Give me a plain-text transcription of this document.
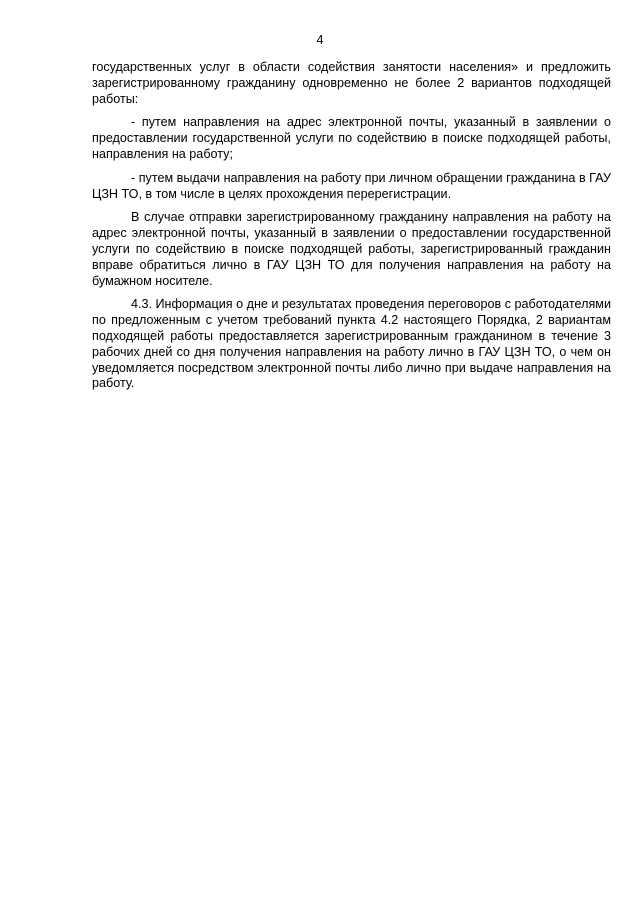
4

государственных услуг в области содействия занятости населения» и предложить зарегистрированному гражданину одновременно не более 2 вариантов подходящей работы:

- путем направления на адрес электронной почты, указанный в заявлении о предоставлении государственной услуги по содействию в поиске подходящей работы, направления на работу;

- путем выдачи направления на работу при личном обращении гражданина в ГАУ ЦЗН ТО, в том числе в целях прохождения перерегистрации.

В случае отправки зарегистрированному гражданину направления на работу на адрес электронной почты, указанный в заявлении о предоставлении государственной услуги по содействию в поиске подходящей работы, зарегистрированный гражданин вправе обратиться лично в ГАУ ЦЗН ТО для получения направления на работу на бумажном носителе.

4.3. Информация о дне и результатах проведения переговоров с работодателями по предложенным с учетом требований пункта 4.2 настоящего Порядка, 2 вариантам подходящей работы предоставляется зарегистрированным гражданином в течение 3 рабочих дней со дня получения направления на работу лично в ГАУ ЦЗН ТО, о чем он уведомляется посредством электронной почты либо лично при выдаче направления на работу.
